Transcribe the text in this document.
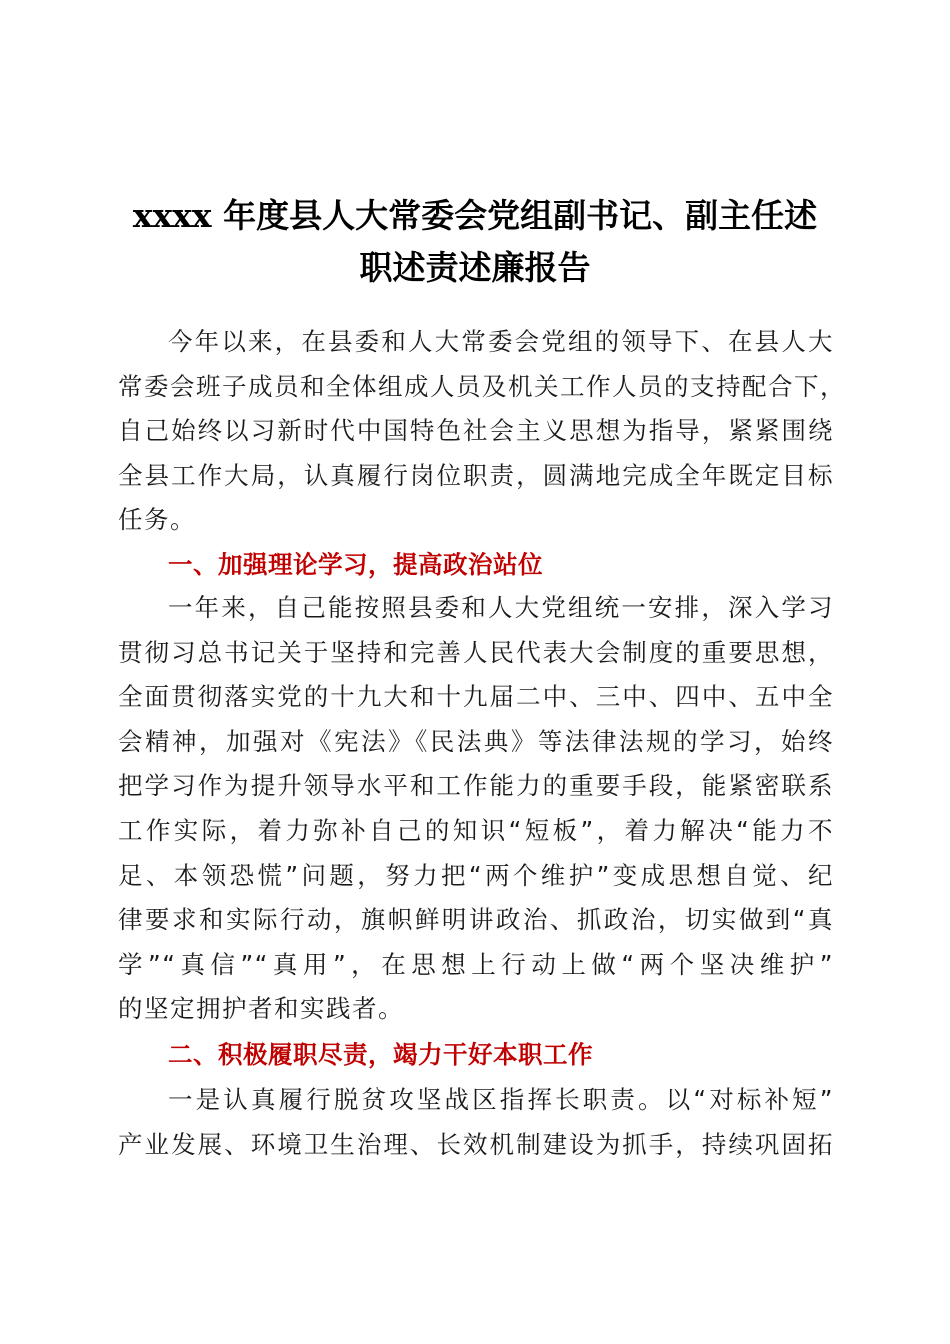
xxxx 年度县人大常委会党组副书记、副主任述
职述责述廉报告
今年以来，在县委和人大常委会党组的领导下、在县人大
常委会班子成员和全体组成人员及机关工作人员的支持配合下，
自己始终以习新时代中国特色社会主义思想为指导，紧紧围绕
全县工作大局，认真履行岗位职责，圆满地完成全年既定目标
任务。
一、加强理论学习，提高政治站位
一年来，自己能按照县委和人大党组统一安排，深入学习
贯彻习总书记关于坚持和完善人民代表大会制度的重要思想，
全面贯彻落实党的十九大和十九届二中、三中、四中、五中全
会精神，加强对《宪法》《民法典》等法律法规的学习，始终
把学习作为提升领导水平和工作能力的重要手段，能紧密联系
工作实际，着力弥补自己的知识“短板”，着力解决“能力不
足、本领恐慌”问题，努力把“两个维护”变成思想自觉、纪
律要求和实际行动，旗帜鲜明讲政治、抓政治，切实做到“真
学”“真信”“真用”，在思想上行动上做“两个坚决维护”
的坚定拥护者和实践者。
二、积极履职尽责，竭力干好本职工作
一是认真履行脱贫攻坚战区指挥长职责。以“对标补短”
产业发展、环境卫生治理、长效机制建设为抓手，持续巩固拓
